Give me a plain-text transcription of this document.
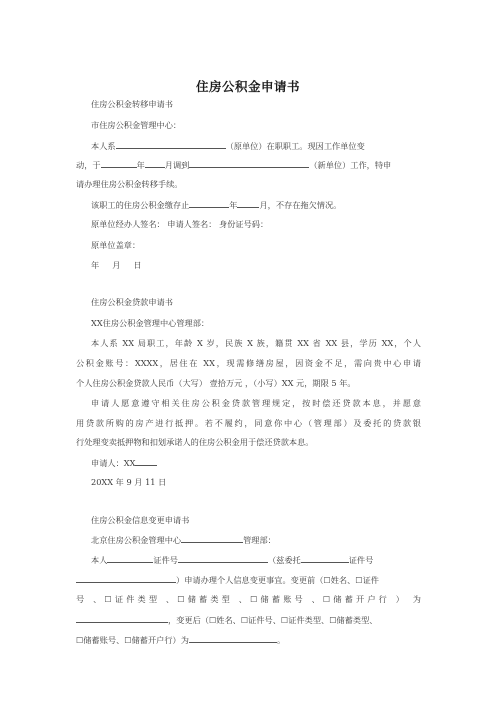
住房公积金申请书
住房公积金转移申请书
市住房公积金管理中心：
本人系	（原单位）在职职工。现因工作单位变
动，于	年 月调到	（新单位）工作，特申
请办理住房公积金转移手续。
该职工的住房公积金缴存止	年	月，不存在拖欠情况。
原单位经办人签名： 申请人签名： 身份证号码：
原单位盖章：
年     月     日
住房公积金贷款申请书
XX住房公积金管理中心管理部：
本人系 XX 局职工，年龄 X 岁，民族 X 族，籍贯 XX 省 XX 县，学历 XX，个人
公积金账号：XXXX，居住在 XX，现需修缮房屋，因资金不足，需向贵中心申请
个人住房公积金贷款人民币（大写） 壹拾万元 ，（小写）XX 元，期限 5 年。
申请人愿意遵守相关住房公积金贷款管理规定，按时偿还贷款本息，并愿意
用贷款所购的房产进行抵押。若不履约，同意你中心（管理部）及委托的贷款银
行处理变卖抵押物和扣划承诺人的住房公积金用于偿还贷款本息。
申请人：XX
20XX 年 9 月 11 日
住房公积金信息变更申请书
北京住房公积金管理中心	管理部：
本人	证件号	（兹委托	证件号
）申请办理个人信息变更事宜。变更前（☐姓名、☐证件
号 、☐证件类型 、☐储蓄类型 、☐储蓄账号 、☐储蓄开户行 ） 为
，变更后（☐姓名、☐证件号、☐证件类型、☐储蓄类型、
☐储蓄账号、☐储蓄开户行）为	。
